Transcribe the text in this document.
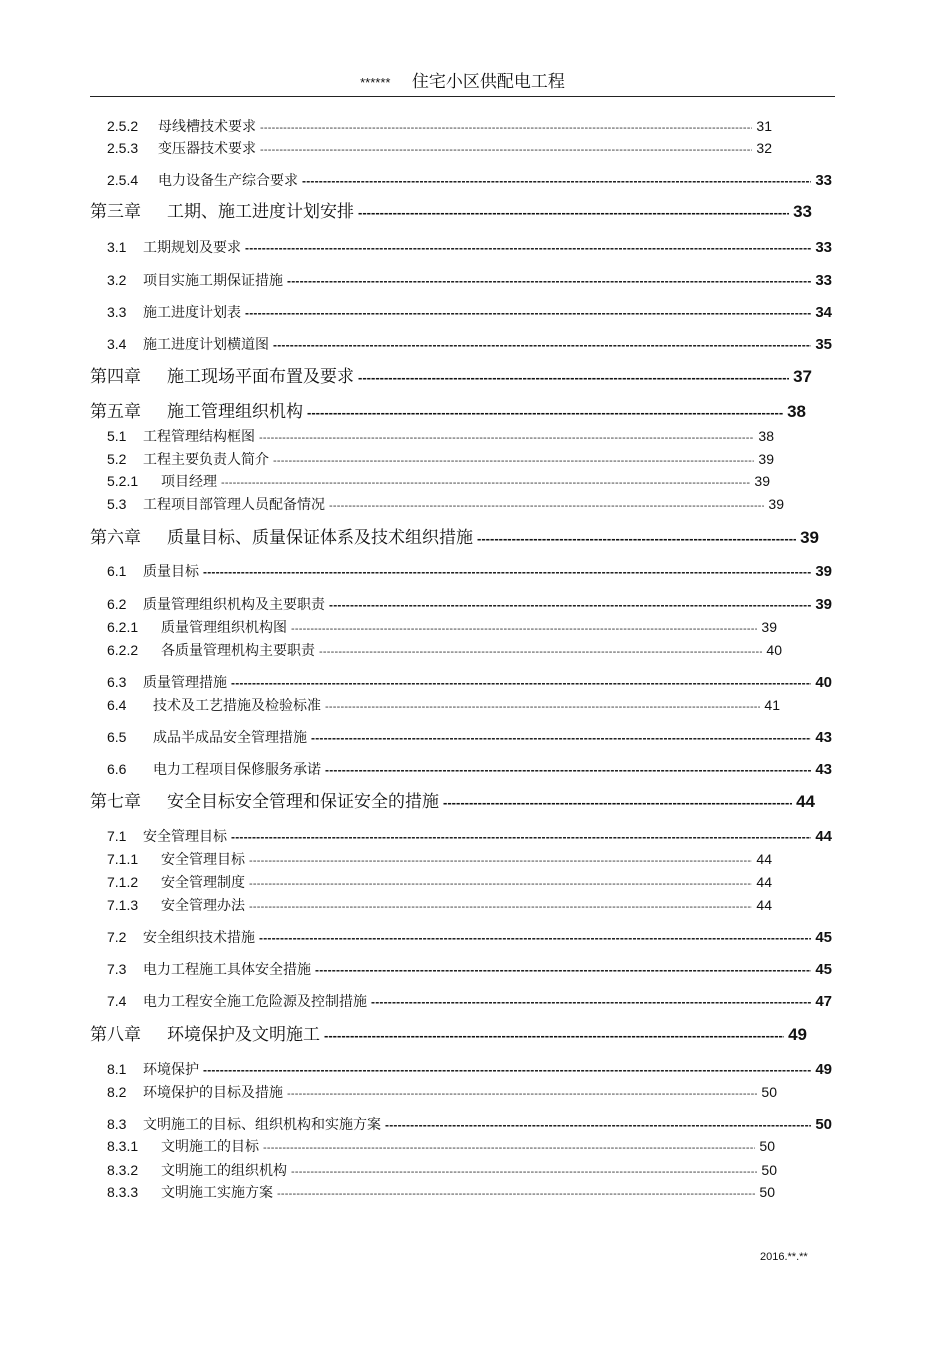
****** 住宅小区供配电工程
2.5.2	母线槽技术要求 -----	31
2.5.3	变压器技术要求 -----	32
2.5.4	电力设备生产综合要求 -----	33
第三章 工期、施工进度计划安排 -----	33
3.1 工期规划及要求 -----	33
3.2 项目实施工期保证措施 -----	33
3.3 施工进度计划表 -----	34
3.4 施工进度计划横道图 -----	35
第四章 施工现场平面布置及要求 -----	37
第五章 施工管理组织机构 -----	38
5.1 工程管理结构框图 -----	38
5.2 工程主要负责人简介 -----	39
5.2.1	项目经理 -----	39
5.3 工程项目部管理人员配备情况 -----	39
第六章 质量目标、质量保证体系及技术组织措施 -----	39
6.1 质量目标 -----	39
6.2 质量管理组织机构及主要职责 -----	39
6.2.1	质量管理组织机构图 -----	39
6.2.2	各质量管理机构主要职责 -----	40
6.3 质量管理措施 -----	40
6.4	技术及工艺措施及检验标准 -----	41
6.5	成品半成品安全管理措施 -----	43
6.6	电力工程项目保修服务承诺 -----	43
第七章 安全目标安全管理和保证安全的措施 -----	44
7.1 安全管理目标 -----	44
7.1.1	安全管理目标 -----	44
7.1.2	安全管理制度 -----	44
7.1.3	安全管理办法 -----	44
7.2 安全组织技术措施 -----	45
7.3 电力工程施工具体安全措施 -----	45
7.4 电力工程安全施工危险源及控制措施 -----	47
第八章 环境保护及文明施工 -----	49
8.1 环境保护 -----	49
8.2 环境保护的目标及措施 -----	50
8.3 文明施工的目标、组织机构和实施方案 -----	50
8.3.1	文明施工的目标 -----	50
8.3.2	文明施工的组织机构 -----	50
8.3.3	文明施工实施方案 -----	50
2016.**.**
